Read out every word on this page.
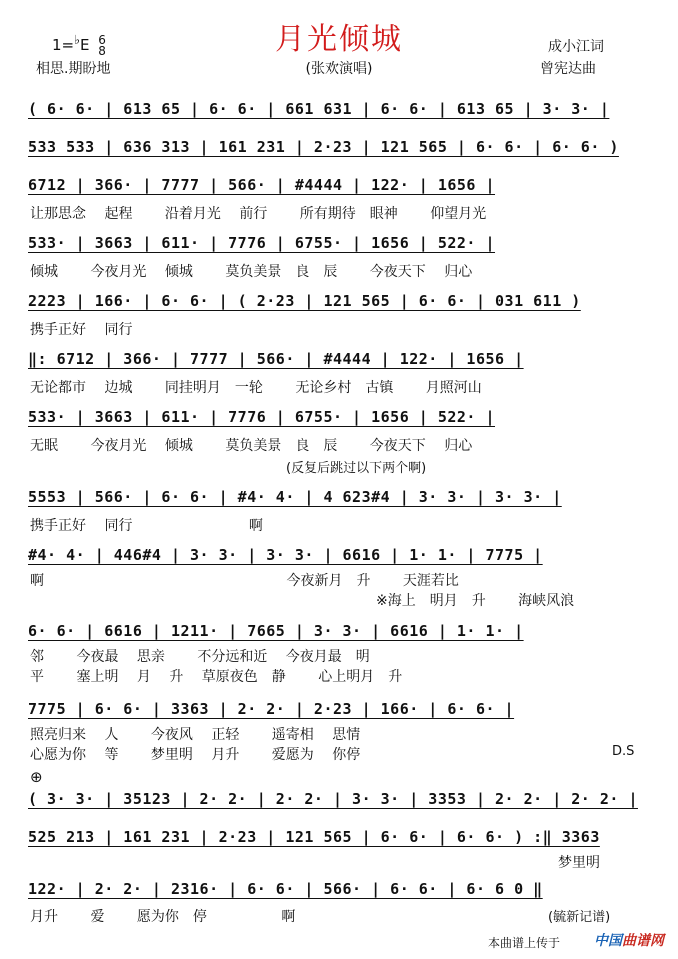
月光倾城
1=♭E 6
8
相思.期盼地	(张欢演唱)
成小江词
曾宪达曲
( 6· 6· | 613 65 | 6· 6· | 661 631 | 6· 6· | 613 65 | 3· 3· |
533 533 | 636 313 | 161 231 | 2·23 | 121 565 | 6· 6· | 6· 6· )
6712 | 366· | 7777 | 566· | #4444 | 122· | 1656 |
让那思念　 起程　　 沿着月光　 前行　　 所有期待　眼神　　 仰望月光
533· | 3663 | 611· | 7776 | 6755· | 1656 | 522· |
倾城　　 今夜月光　 倾城　　 莫负美景　良　辰　　 今夜天下　 归心
2223 | 166· | 6· 6· | ( 2·23 | 121 565 | 6· 6· | 031 611 )
携手正好　 同行
‖: 6712 | 366· | 7777 | 566· | #4444 | 122· | 1656 |
无论都市　 边城　　 同挂明月　一轮　　 无论乡村　古镇　　 月照河山
533· | 3663 | 611· | 7776 | 6755· | 1656 | 522· |
无眠　　 今夜月光　 倾城　　 莫负美景　良　辰　　 今夜天下　 归心
(反复后跳过以下两个啊)
5553 | 566· | 6· 6· | #4· 4· | 4 623#4 | 3· 3· | 3· 3· |
携手正好　 同行　　　　　　　　 啊
#4· 4· | 446#4 | 3· 3· | 3· 3· | 6616 | 1· 1· | 7775 |
啊　　　　　　　　　　　　　　　　　 今夜新月　升　　 天涯若比
※海上　明月　升　　 海峡风浪
6· 6· | 6616 | 1211· | 7665 | 3· 3· | 6616 | 1· 1· |
邻　　 今夜最　 思亲　　 不分远和近　 今夜月最　明
平　　 塞上明　 月　 升　 草原夜色　静　　 心上明月　升
7775 | 6· 6· | 3363 | 2· 2· | 2·23 | 166· | 6· 6· |
照亮归来　 人　　 今夜风　 正轻　　 遥寄相　 思情
心愿为你　 等　　 梦里明　 月升　　 爱愿为　 你停	D.S
⊕
( 3· 3· | 35123 | 2· 2· | 2· 2· | 3· 3· | 3353 | 2· 2· | 2· 2· |
525 213 | 161 231 | 2·23 | 121 565 | 6· 6· | 6· 6· ) :‖ 3363
梦里明
122· | 2· 2· | 2316· | 6· 6· | 566· | 6· 6· | 6· 6 0 ‖
月升　　 爱　　 愿为你　停　　　　　 啊	(毓新记谱)
本曲谱上传于 中国曲谱网
